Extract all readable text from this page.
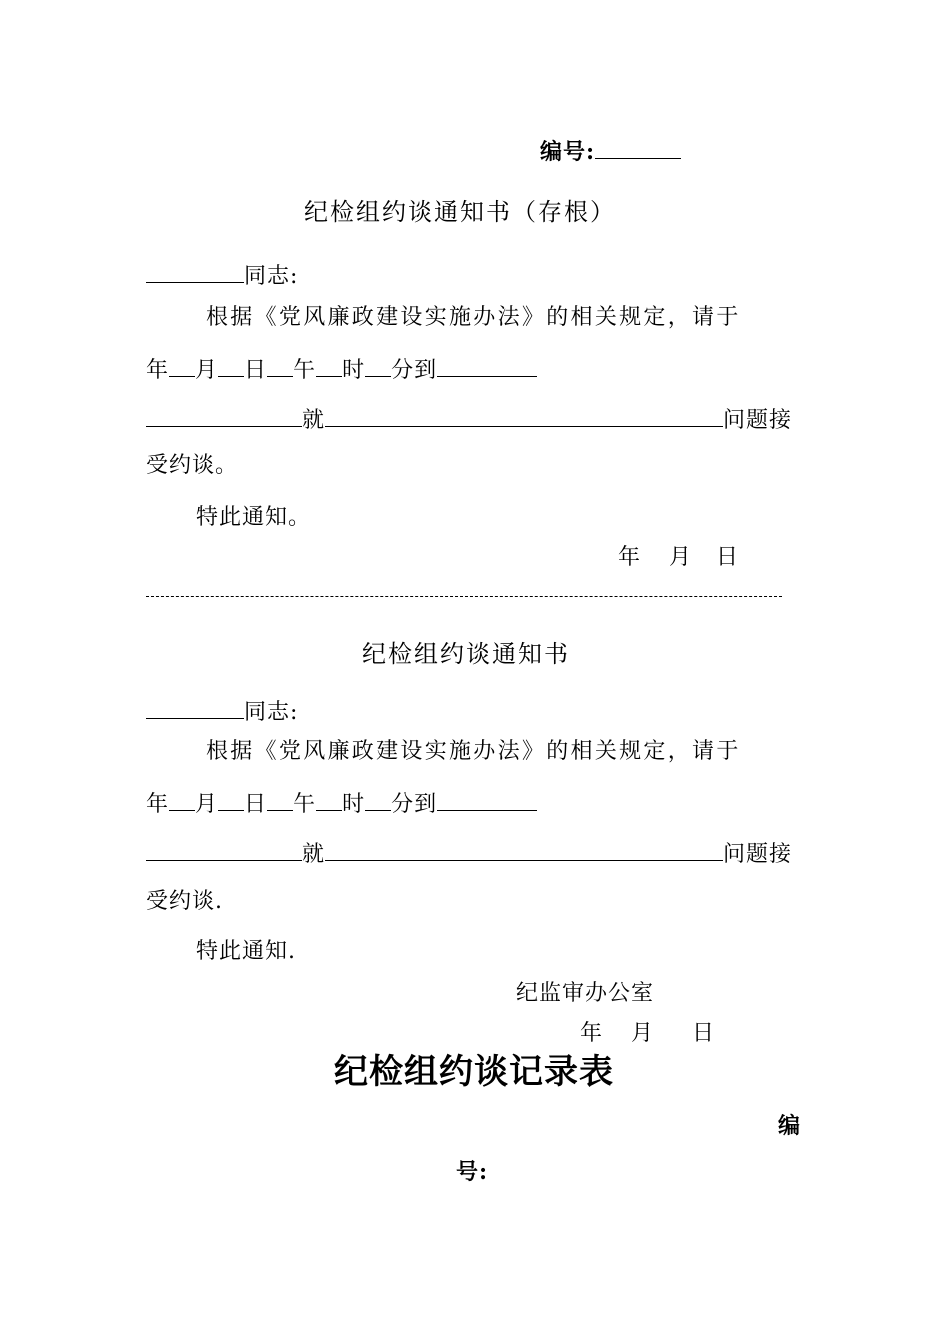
编号:
纪检组约谈通知书（存根）
同志:
根据《党风廉政建设实施办法》的相关规定，请于
年 月 日 午 时 分到
就	问题接
受约谈。
特此通知。
年 月 日
纪检组约谈通知书
同志:
根据《党风廉政建设实施办法》的相关规定，请于
年 月 日 午 时 分到
就	问题接
受约谈.
特此通知.
纪监审办公室
年 月 日
纪检组约谈记录表
编
号:
